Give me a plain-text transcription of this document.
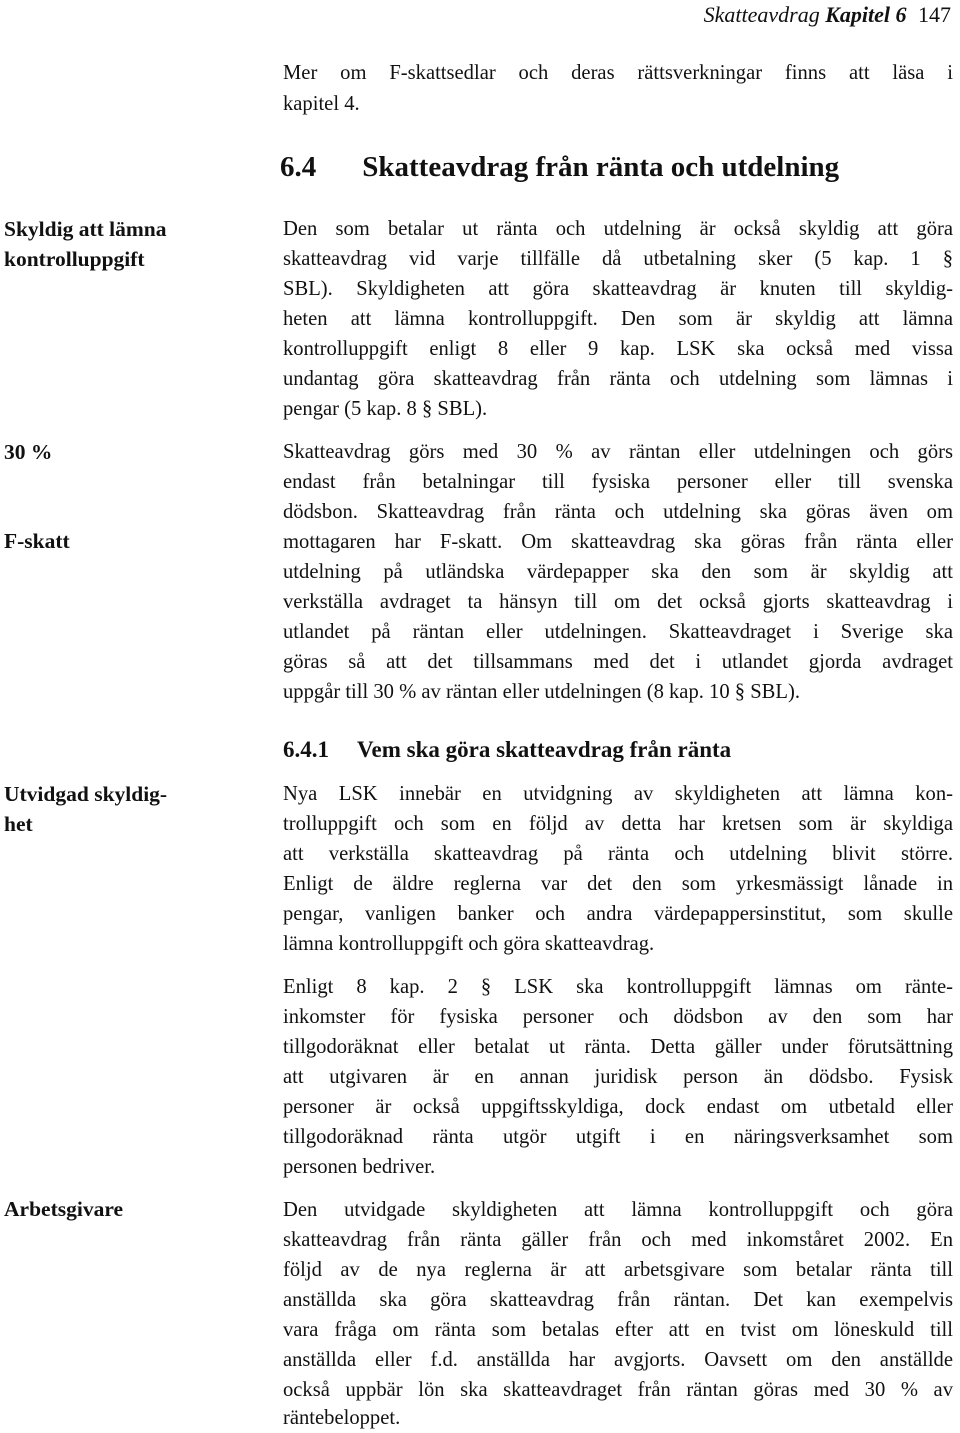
Skatteavdrag Kapitel 6 147
Mer om F-skattsedlar och deras rättsverkningar finns att läsa i
kapitel 4.
6.4 Skatteavdrag från ränta och utdelning
Skyldig att lämna
kontrolluppgift
30 %
F-skatt
Utvidgad skyldig-
het
Arbetsgivare
Den som betalar ut ränta och utdelning är också skyldig att göra
skatteavdrag vid varje tillfälle då utbetalning sker (5 kap. 1 §
SBL). Skyldigheten att göra skatteavdrag är knuten till skyldig-
heten att lämna kontrolluppgift. Den som är skyldig att lämna
kontrolluppgift enligt 8 eller 9 kap. LSK ska också med vissa
undantag göra skatteavdrag från ränta och utdelning som lämnas i
pengar (5 kap. 8 § SBL).
Skatteavdrag görs med 30 % av räntan eller utdelningen och görs
endast från betalningar till fysiska personer eller till svenska
dödsbon. Skatteavdrag från ränta och utdelning ska göras även om
mottagaren har F-skatt. Om skatteavdrag ska göras från ränta eller
utdelning på utländska värdepapper ska den som är skyldig att
verkställa avdraget ta hänsyn till om det också gjorts skatteavdrag i
utlandet på räntan eller utdelningen. Skatteavdraget i Sverige ska
göras så att det tillsammans med det i utlandet gjorda avdraget
uppgår till 30 % av räntan eller utdelningen (8 kap. 10 § SBL).
6.4.1 Vem ska göra skatteavdrag från ränta
Nya LSK innebär en utvidgning av skyldigheten att lämna kon-
trolluppgift och som en följd av detta har kretsen som är skyldiga
att verkställa skatteavdrag på ränta och utdelning blivit större.
Enligt de äldre reglerna var det den som yrkesmässigt lånade in
pengar, vanligen banker och andra värdepappersinstitut, som skulle
lämna kontrolluppgift och göra skatteavdrag.
Enligt 8 kap. 2 § LSK ska kontrolluppgift lämnas om ränte-
inkomster för fysiska personer och dödsbon av den som har
tillgodoräknat eller betalat ut ränta. Detta gäller under förutsättning
att utgivaren är en annan juridisk person än dödsbo. Fysisk
personer är också uppgiftsskyldiga, dock endast om utbetald eller
tillgodoräknad ränta utgör utgift i en näringsverksamhet som
personen bedriver.
Den utvidgade skyldigheten att lämna kontrolluppgift och göra
skatteavdrag från ränta gäller från och med inkomståret 2002. En
följd av de nya reglerna är att arbetsgivare som betalar ränta till
anställda ska göra skatteavdrag från räntan. Det kan exempelvis
vara fråga om ränta som betalas efter att en tvist om löneskuld till
anställda eller f.d. anställda har avgjorts. Oavsett om den anställde
också uppbär lön ska skatteavdraget från räntan göras med 30 % av
räntebeloppet.
